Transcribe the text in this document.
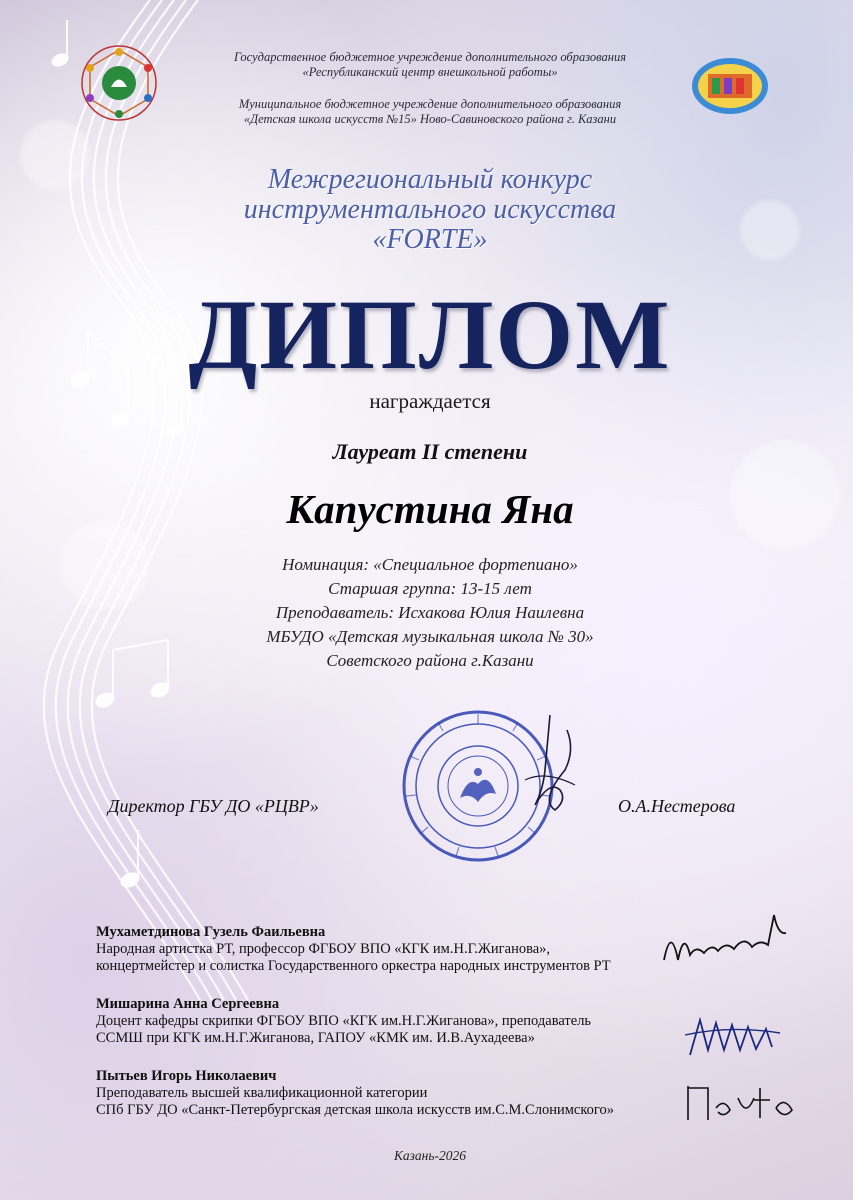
Государственное бюджетное учреждение дополнительного образования
«Республиканский центр внешкольной работы»
Муниципальное бюджетное учреждение дополнительного образования
«Детская школа искусств №15» Ново-Савиновского района г. Казани
Межрегиональный конкурс
инструментального искусства
«FORTE»
ДИПЛОМ
награждается
Лауреат II степени
Капустина Яна
Номинация: «Специальное фортепиано»
Старшая группа: 13-15 лет
Преподаватель: Исхакова Юлия Наилевна
МБУДО «Детская музыкальная школа № 30»
Советского района г.Казани
Директор ГБУ ДО «РЦВР»	О.А.Нестерова
Мухаметдинова Гузель Фаильевна
Народная артистка РТ, профессор ФГБОУ ВПО «КГК им.Н.Г.Жиганова»,
концертмейстер и солистка Государственного оркестра народных инструментов РТ
Мишарина Анна Сергеевна
Доцент кафедры скрипки ФГБОУ ВПО «КГК им.Н.Г.Жиганова», преподаватель
ССМШ при КГК им.Н.Г.Жиганова, ГАПОУ «КМК им. И.В.Аухадеева»
Пытьев Игорь Николаевич
Преподаватель высшей квалификационной категории
СПб ГБУ ДО «Санкт-Петербургская детская школа искусств им.С.М.Слонимского»
Казань-2026
